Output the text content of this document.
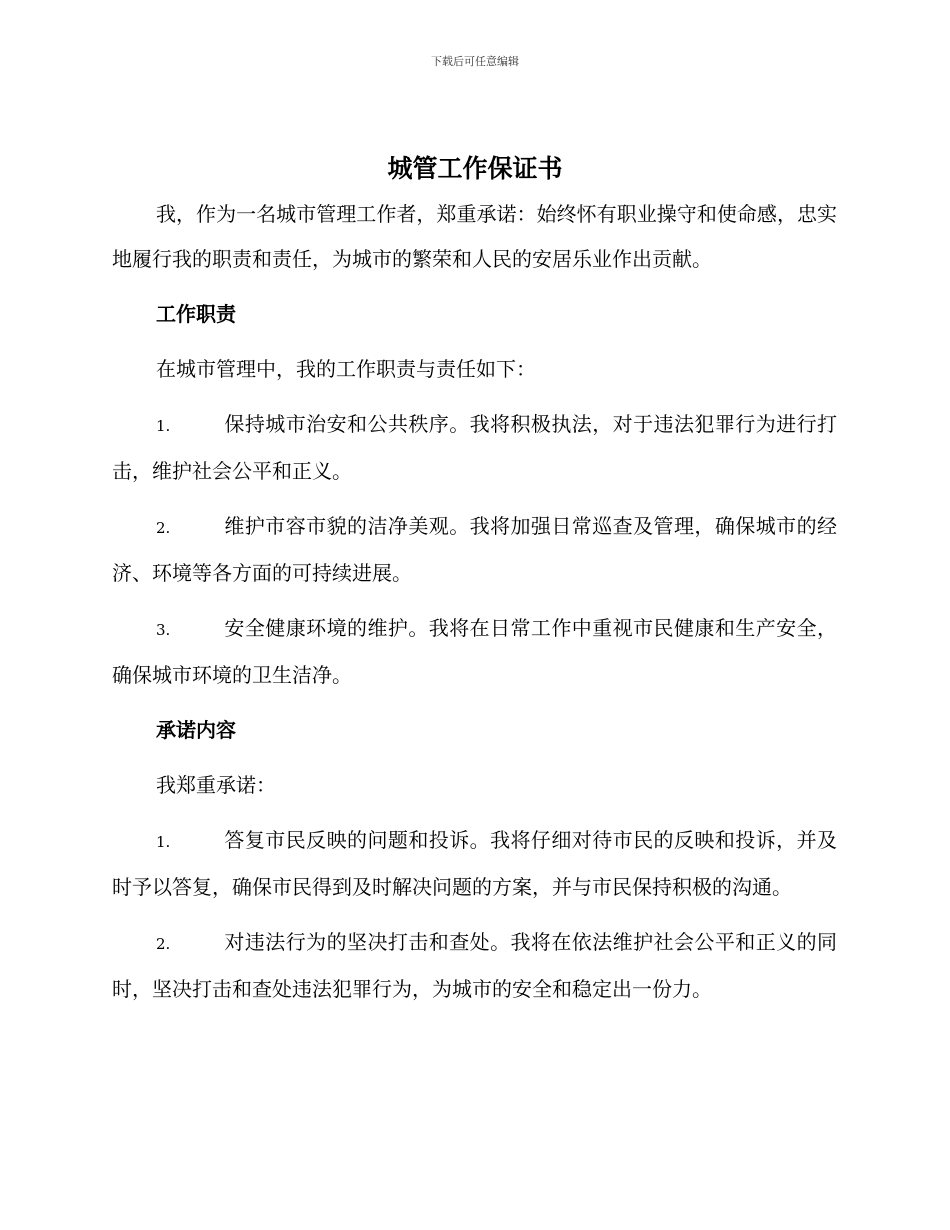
下载后可任意编辑
城管工作保证书

我，作为一名城市管理工作者，郑重承诺：始终怀有职业操守和使命感，忠实地履行我的职责和责任，为城市的繁荣和人民的安居乐业作出贡献。

工作职责

在城市管理中，我的工作职责与责任如下：

1.	保持城市治安和公共秩序。我将积极执法，对于违法犯罪行为进行打击，维护社会公平和正义。

2.	维护市容市貌的洁净美观。我将加强日常巡查及管理，确保城市的经济、环境等各方面的可持续进展。

3.	安全健康环境的维护。我将在日常工作中重视市民健康和生产安全，确保城市环境的卫生洁净。

承诺内容

我郑重承诺：

1.	答复市民反映的问题和投诉。我将仔细对待市民的反映和投诉，并及时予以答复，确保市民得到及时解决问题的方案，并与市民保持积极的沟通。

2.	对违法行为的坚决打击和查处。我将在依法维护社会公平和正义的同时，坚决打击和查处违法犯罪行为，为城市的安全和稳定出一份力。
